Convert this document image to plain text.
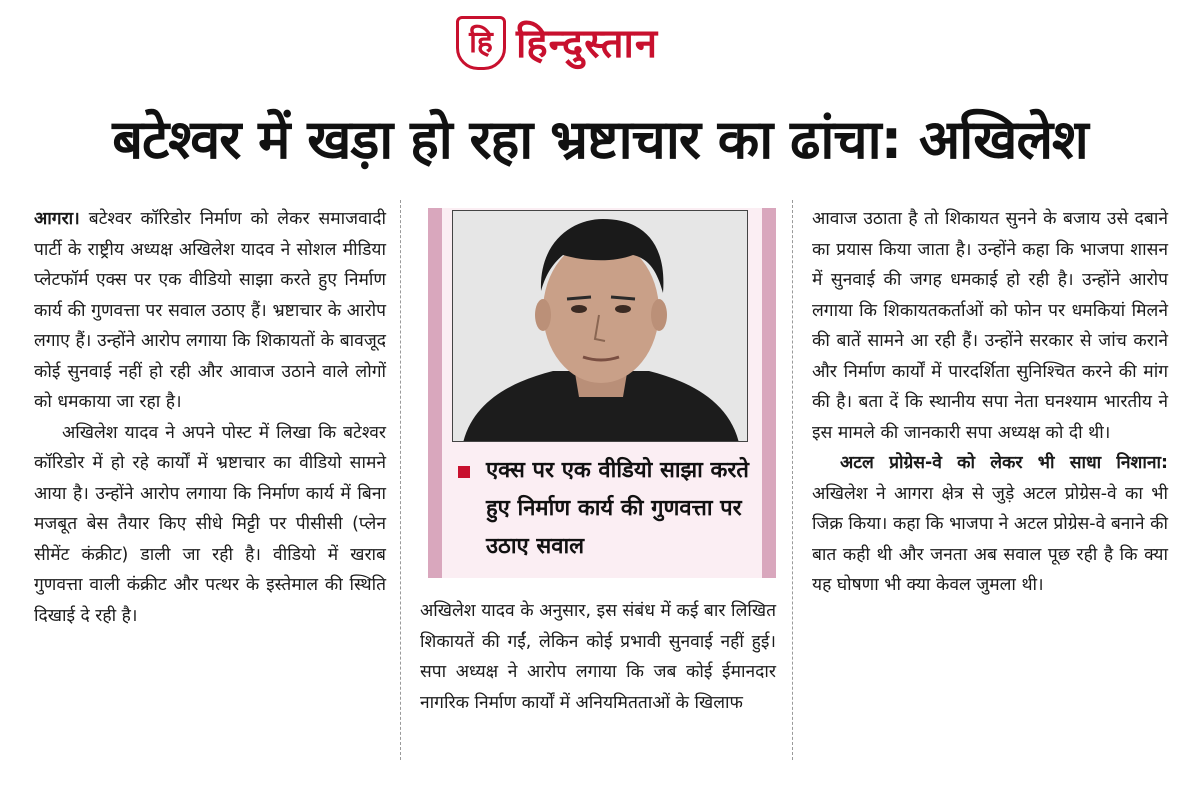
हि हिन्दुस्तान
बटेश्वर में खड़ा हो रहा भ्रष्टाचार का ढांचा: अखिलेश

आगरा। बटेश्वर कॉरिडोर निर्माण को लेकर समाजवादी पार्टी के राष्ट्रीय अध्यक्ष अखिलेश यादव ने सोशल मीडिया प्लेटफॉर्म एक्स पर एक वीडियो साझा करते हुए निर्माण कार्य की गुणवत्ता पर सवाल उठाए हैं। भ्रष्टाचार के आरोप लगाए हैं। उन्होंने आरोप लगाया कि शिकायतों के बावजूद कोई सुनवाई नहीं हो रही और आवाज उठाने वाले लोगों को धमकाया जा रहा है।

अखिलेश यादव ने अपने पोस्ट में लिखा कि बटेश्वर कॉरिडोर में हो रहे कार्यों में भ्रष्टाचार का वीडियो सामने आया है। उन्होंने आरोप लगाया कि निर्माण कार्य में बिना मजबूत बेस तैयार किए सीधे मिट्टी पर पीसीसी (प्लेन सीमेंट कंक्रीट) डाली जा रही है। वीडियो में खराब गुणवत्ता वाली कंक्रीट और पत्थर के इस्तेमाल की स्थिति दिखाई दे रही है।

एक्स पर एक वीडियो साझा करते हुए निर्माण कार्य की गुणवत्ता पर उठाए सवाल

अखिलेश यादव के अनुसार, इस संबंध में कई बार लिखित शिकायतें की गईं, लेकिन कोई प्रभावी सुनवाई नहीं हुई। सपा अध्यक्ष ने आरोप लगाया कि जब कोई ईमानदार नागरिक निर्माण कार्यों में अनियमितताओं के खिलाफ

आवाज उठाता है तो शिकायत सुनने के बजाय उसे दबाने का प्रयास किया जाता है। उन्होंने कहा कि भाजपा शासन में सुनवाई की जगह धमकाई हो रही है। उन्होंने आरोप लगाया कि शिकायतकर्ताओं को फोन पर धमकियां मिलने की बातें सामने आ रही हैं। उन्होंने सरकार से जांच कराने और निर्माण कार्यों में पारदर्शिता सुनिश्चित करने की मांग की है। बता दें कि स्थानीय सपा नेता घनश्याम भारतीय ने इस मामले की जानकारी सपा अध्यक्ष को दी थी।

अटल प्रोग्रेस-वे को लेकर भी साधा निशाना: अखिलेश ने आगरा क्षेत्र से जुड़े अटल प्रोग्रेस-वे का भी जिक्र किया। कहा कि भाजपा ने अटल प्रोग्रेस-वे बनाने की बात कही थी और जनता अब सवाल पूछ रही है कि क्या यह घोषणा भी क्या केवल जुमला थी।
